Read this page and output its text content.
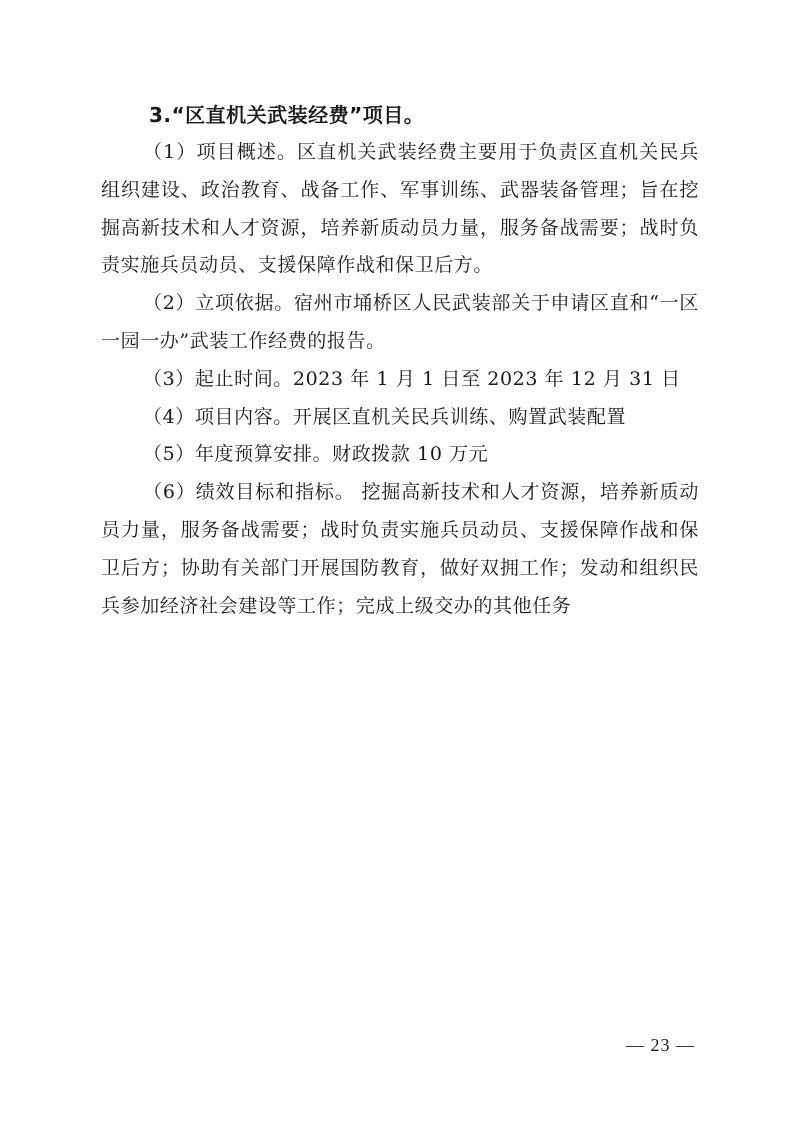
3.“区直机关武装经费”项目。

（1）项目概述。区直机关武装经费主要用于负责区直机关民兵组织建设、政治教育、战备工作、军事训练、武器装备管理；旨在挖掘高新技术和人才资源，培养新质动员力量，服务备战需要；战时负责实施兵员动员、支援保障作战和保卫后方。

（2）立项依据。宿州市埇桥区人民武装部关于申请区直和“一区一园一办”武装工作经费的报告。

（3）起止时间。2023 年 1 月 1 日至 2023 年 12 月 31 日

（4）项目内容。开展区直机关民兵训练、购置武装配置

（5）年度预算安排。财政拨款 10 万元

（6）绩效目标和指标。 挖掘高新技术和人才资源，培养新质动员力量，服务备战需要；战时负责实施兵员动员、支援保障作战和保卫后方；协助有关部门开展国防教育，做好双拥工作；发动和组织民兵参加经济社会建设等工作；完成上级交办的其他任务

— 23 —
